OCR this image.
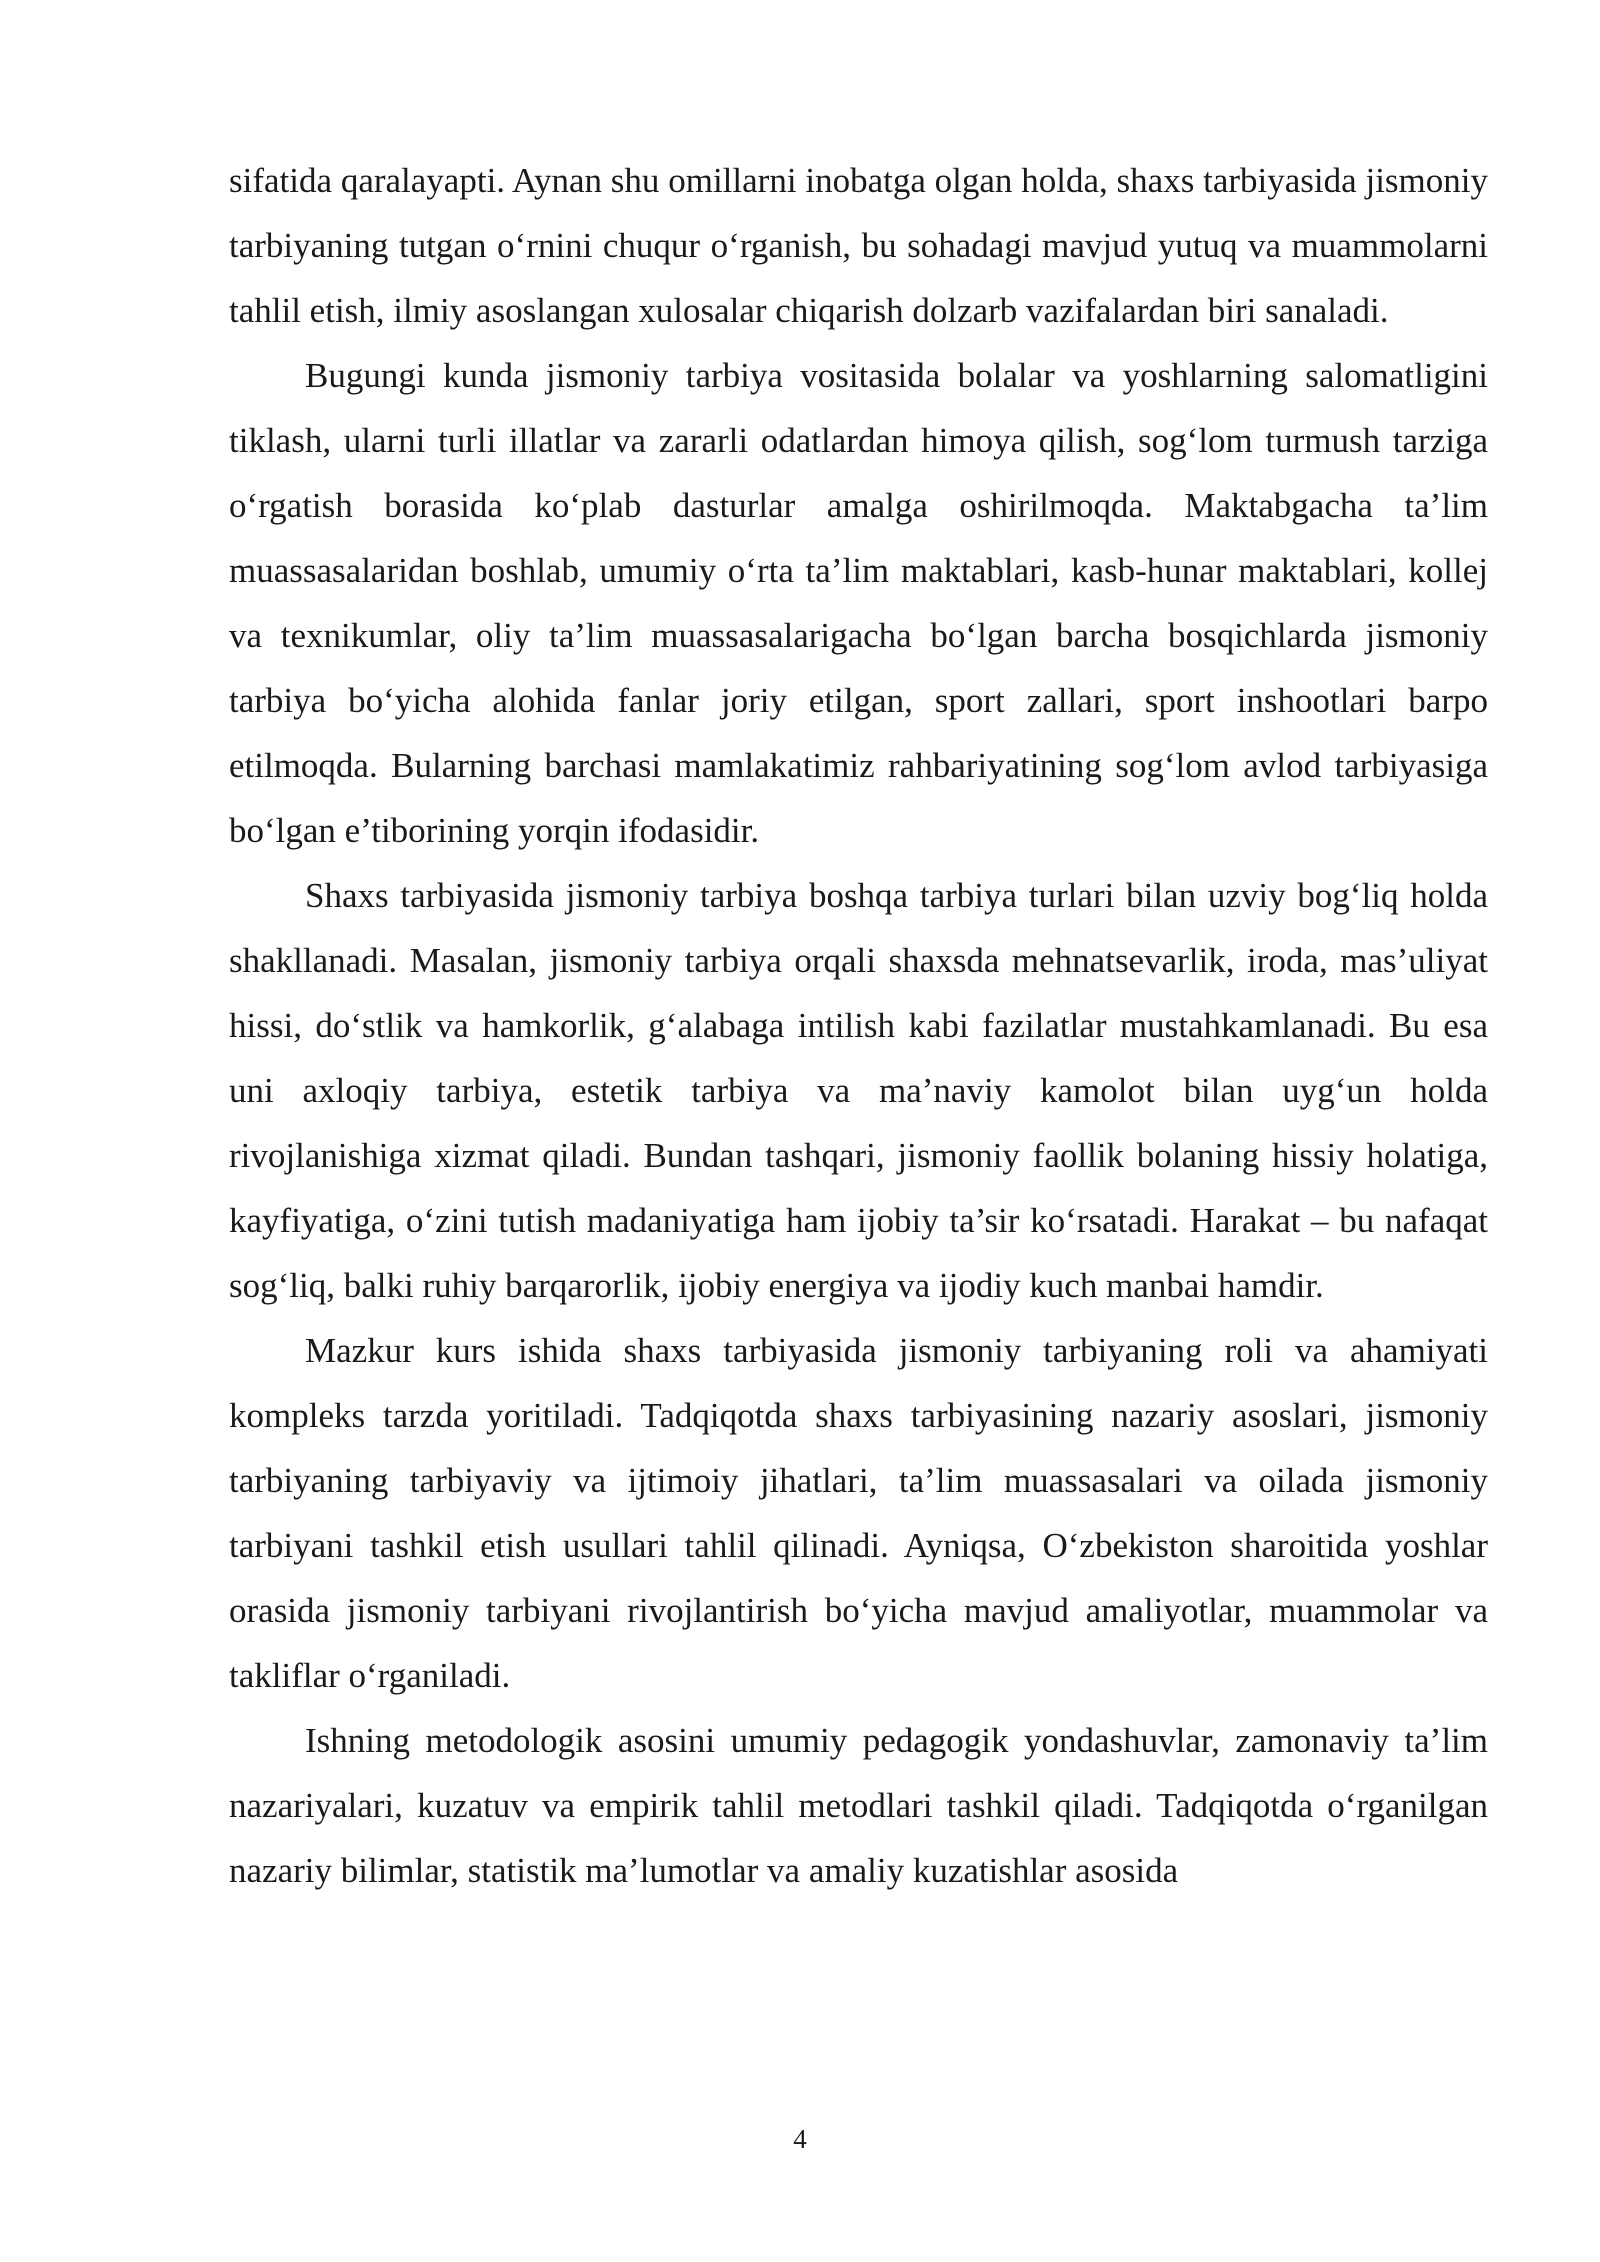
sifatida qaralayapti. Aynan shu omillarni inobatga olgan holda, shaxs tarbiyasida jismoniy tarbiyaning tutgan o‘rnini chuqur o‘rganish, bu sohadagi mavjud yutuq va muammolarni tahlil etish, ilmiy asoslangan xulosalar chiqarish dolzarb vazifalardan biri sanaladi.

Bugungi kunda jismoniy tarbiya vositasida bolalar va yoshlarning salomatligini tiklash, ularni turli illatlar va zararli odatlardan himoya qilish, sog‘lom turmush tarziga o‘rgatish borasida ko‘plab dasturlar amalga oshirilmoqda. Maktabgacha ta’lim muassasalaridan boshlab, umumiy o‘rta ta’lim maktablari, kasb-hunar maktablari, kollej va texnikumlar, oliy ta’lim muassasalarigacha bo‘lgan barcha bosqichlarda jismoniy tarbiya bo‘yicha alohida fanlar joriy etilgan, sport zallari, sport inshootlari barpo etilmoqda. Bularning barchasi mamlakatimiz rahbariyatining sog‘lom avlod tarbiyasiga bo‘lgan e’tiborining yorqin ifodasidir.

Shaxs tarbiyasida jismoniy tarbiya boshqa tarbiya turlari bilan uzviy bog‘liq holda shakllanadi. Masalan, jismoniy tarbiya orqali shaxsda mehnatsevarlik, iroda, mas’uliyat hissi, do‘stlik va hamkorlik, g‘alabaga intilish kabi fazilatlar mustahkamlanadi. Bu esa uni axloqiy tarbiya, estetik tarbiya va ma’naviy kamolot bilan uyg‘un holda rivojlanishiga xizmat qiladi. Bundan tashqari, jismoniy faollik bolaning hissiy holatiga, kayfiyatiga, o‘zini tutish madaniyatiga ham ijobiy ta’sir ko‘rsatadi. Harakat – bu nafaqat sog‘liq, balki ruhiy barqarorlik, ijobiy energiya va ijodiy kuch manbai hamdir.

Mazkur kurs ishida shaxs tarbiyasida jismoniy tarbiyaning roli va ahamiyati kompleks tarzda yoritiladi. Tadqiqotda shaxs tarbiyasining nazariy asoslari, jismoniy tarbiyaning tarbiyaviy va ijtimoiy jihatlari, ta’lim muassasalari va oilada jismoniy tarbiyani tashkil etish usullari tahlil qilinadi. Ayniqsa, O‘zbekiston sharoitida yoshlar orasida jismoniy tarbiyani rivojlantirish bo‘yicha mavjud amaliyotlar, muammolar va takliflar o‘rganiladi.

Ishning metodologik asosini umumiy pedagogik yondashuvlar, zamonaviy ta’lim nazariyalari, kuzatuv va empirik tahlil metodlari tashkil qiladi. Tadqiqotda o‘rganilgan nazariy bilimlar, statistik ma’lumotlar va amaliy kuzatishlar asosida

4
